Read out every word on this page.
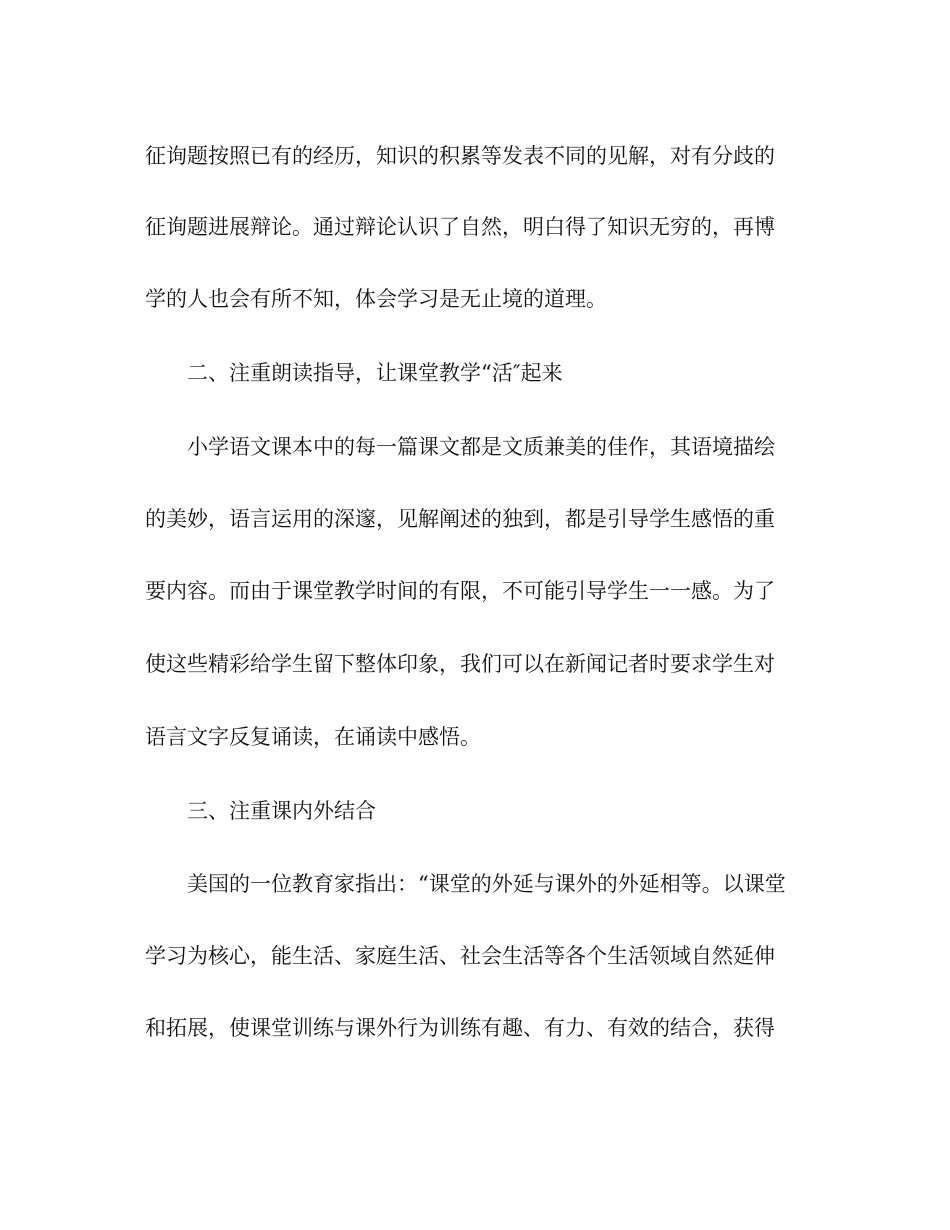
征询题按照已有的经历，知识的积累等发表不同的见解，对有分歧的
征询题进展辩论。通过辩论认识了自然，明白得了知识无穷的，再博
学的人也会有所不知，体会学习是无止境的道理。
二、注重朗读指导，让课堂教学“活″起来
小学语文课本中的每一篇课文都是文质兼美的佳作，其语境描绘
的美妙，语言运用的深邃，见解阐述的独到，都是引导学生感悟的重
要内容。而由于课堂教学时间的有限，不可能引导学生一一感。为了
使这些精彩给学生留下整体印象，我们可以在新闻记者时要求学生对
语言文字反复诵读，在诵读中感悟。
三、注重课内外结合
美国的一位教育家指出：“课堂的外延与课外的外延相等。以课堂
学习为核心，能生活、家庭生活、社会生活等各个生活领域自然延伸
和拓展，使课堂训练与课外行为训练有趣、有力、有效的结合，获得
